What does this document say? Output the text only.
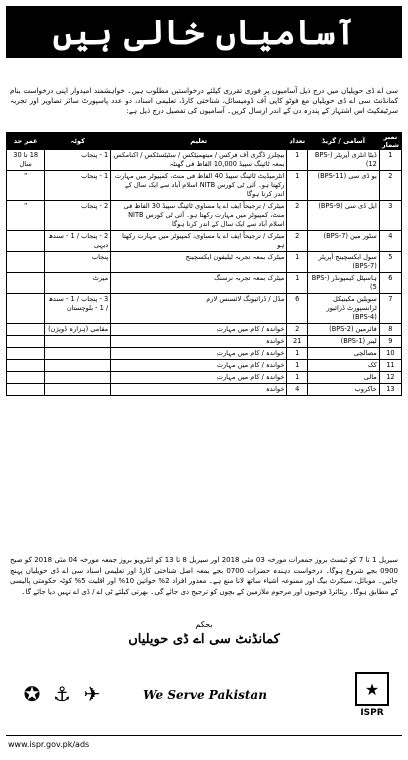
آسامیاں خالی ہیں
سی اے ڈی حویلیاں میں درج ذیل آسامیوں پر فوری تقرری کیلئے درخواستیں مطلوب ہیں۔ خواہشمند امیدوار اپنی درخواست بنام کمانڈنٹ سی اے ڈی حویلیاں مع فوٹو کاپی آف ڈومیسائل، شناختی کارڈ، تعلیمی اسناد، دو عدد پاسپورٹ سائز تصاویر اور تجربہ سرٹیفکیٹ اس اشتہار کے پندرہ دن کے اندر ارسال کریں۔ آسامیوں کی تفصیل درج ذیل ہے:
نمبر شمار	آسامی / گریڈ	تعداد	تعلیم	کوٹہ	عمر حد
1	ڈیٹا انٹری آپریٹر (BPS-12)	1	بیچلرز ڈگری آف فزکس / میتھمیٹکس / سٹیٹسٹکس / اکنامکس بمعہ ٹائپنگ سپیڈ 10,000 الفاظ فی گھنٹہ	1 - پنجاب	18 تا 30 سال
2	یو ڈی سی (BPS-11)	1	انٹرمیڈیٹ ٹائپنگ سپیڈ 40 الفاظ فی منٹ، کمپیوٹر میں مہارت رکھتا ہو۔ آئی ٹی کورس NITB اسلام آباد سے ایک سال کے اندر کرنا ہوگا	1 - پنجاب	”
3	ایل ڈی سی (BPS-9)	2	میٹرک / ترجیحاً ایف اے یا مساوی ٹائپنگ سپیڈ 30 الفاظ فی منٹ، کمپیوٹر میں مہارت رکھتا ہو۔ آئی ٹی کورس NITB اسلام آباد سے ایک سال کے اندر کرنا ہوگا	2 - پنجاب	”
4	سٹور مین (BPS-7)	2	میٹرک / ترجیحاً ایف اے یا مساوی، کمپیوٹر میں مہارت رکھتا ہو	2 - پنجاب / 1 - سندھ دیہی	
5	سول ایکسچینج آپریٹر (BPS-7)	1	میٹرک بمعہ تجربہ ٹیلیفون ایکسچینج	پنجاب	
6	ہاسپٹل کیمپونڈر (BPS-5)	1	میٹرک بمعہ تجربہ نرسنگ	میرٹ	
7	سویلین مکینیکل ٹرانسپورٹ ڈرائیور (BPS-4)	6	مڈل / ڈرائیونگ لائسنس لازم	3 - پنجاب / 1 - سندھ / 1 - بلوچستان	
8	فائرمین (BPS-2)	2	خواندہ / کام میں مہارت	مقامی (ہزارہ ڈویژن)	
9	لیبر (BPS-1)	21	خواندہ		
10	مصالچی	1	خواندہ / کام میں مہارت		
11	کک	1	خواندہ / کام میں مہارت		
12	مالی	1	خواندہ / کام میں مہارت		
13	خاکروب	4	خواندہ		
سیریل 1 تا 7 کو ٹیسٹ بروز جمعرات مورخہ 03 مئی 2018 اور سیریل 8 تا 13 کو انٹرویو بروز جمعہ مورخہ 04 مئی 2018 کو صبح 0900 بجے شروع ہوگا۔ درخواست دہندہ حضرات 0700 بجے بمعہ اصل شناختی کارڈ اور تعلیمی اسناد سی اے ڈی حویلیاں پہنچ جائیں۔ موبائل، سیکرٹ بیگ اور ممنوعہ اشیاء ساتھ لانا منع ہے۔ معذور افراد 2% خواتین 10% اور اقلیت 5% کوٹہ حکومتی پالیسی کے مطابق ہوگا۔ ریٹائرڈ فوجیوں اور مرحوم ملازمین کے بچوں کو ترجیح دی جائے گی۔ بھرتی کیلئے ٹی اے / ڈی اے نہیں دیا جائے گا۔
بحکم
کمانڈنٹ سی اے ڈی حویلیاں
✪ ⚓ ✈	We Serve Pakistan	★
ISPR
www.ispr.gov.pk/ads
